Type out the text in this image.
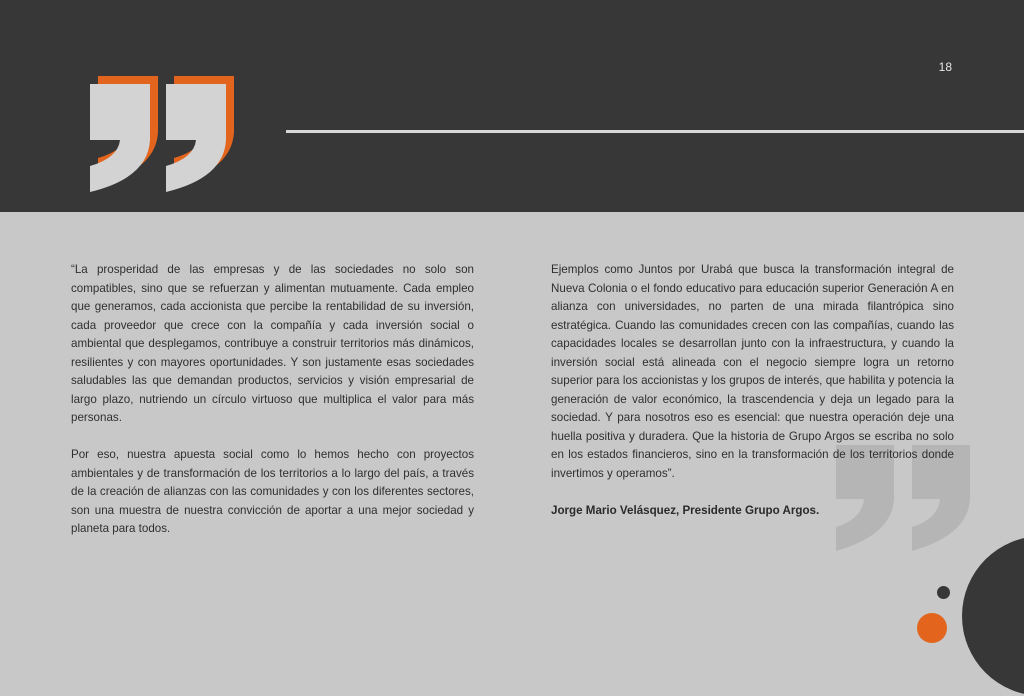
18

“La prosperidad de las empresas y de las sociedades no solo son compatibles, sino que se refuerzan y alimentan mutuamente. Cada empleo que generamos, cada accionista que percibe la rentabilidad de su inversión, cada proveedor que crece con la compañía y cada inversión social o ambiental que desplegamos, contribuye a construir territorios más dinámicos, resilientes y con mayores oportunidades. Y son justamente esas sociedades saludables las que demandan productos, servicios y visión empresarial de largo plazo, nutriendo un círculo virtuoso que multiplica el valor para más personas.

Por eso, nuestra apuesta social como lo hemos hecho con proyectos ambientales y de transformación de los territorios a lo largo del país, a través de la creación de alianzas con las comunidades y con los diferentes sectores, son una muestra de nuestra convicción de aportar a una mejor sociedad y planeta para todos.

Ejemplos como Juntos por Urabá que busca la transformación integral de Nueva Colonia o el fondo educativo para educación superior Generación A en alianza con universidades, no parten de una mirada filantrópica sino estratégica. Cuando las comunidades crecen con las compañías, cuando las capacidades locales se desarrollan junto con la infraestructura, y cuando la inversión social está alineada con el negocio siempre logra un retorno superior para los accionistas y los grupos de interés, que habilita y potencia la generación de valor económico, la trascendencia y deja un legado para la sociedad. Y para nosotros eso es esencial: que nuestra operación deje una huella positiva y duradera. Que la historia de Grupo Argos se escriba no solo en los estados financieros, sino en la transformación de los territorios donde invertimos y operamos”.

Jorge Mario Velásquez, Presidente Grupo Argos.
